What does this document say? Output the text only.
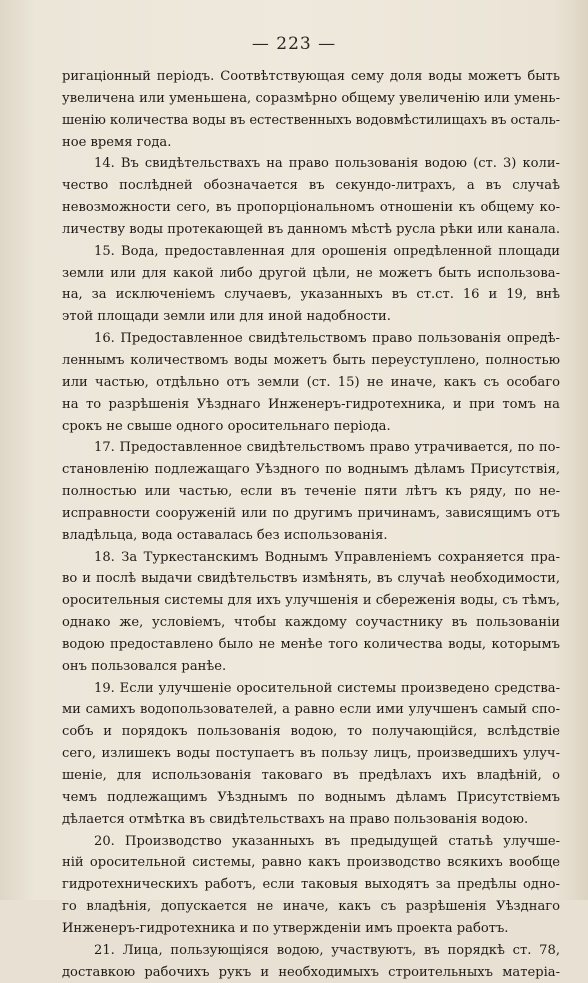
— 223 —
ригаціонный періодъ. Соотвѣтствующая сему доля воды можетъ быть
увеличена или уменьшена, соразмѣрно общему увеличенію или умень-
шенію количества воды въ естественныхъ водовмѣстилищахъ въ осталь-
ное время года.
14. Въ свидѣтельствахъ на право пользованія водою (ст. 3) коли-
чество послѣдней обозначается въ секундо-литрахъ, а въ случаѣ
невозможности сего, въ пропорціональномъ отношеніи къ общему ко-
личеству воды протекающей въ данномъ мѣстѣ русла рѣки или канала.
15. Вода, предоставленная для орошенія опредѣленной площади
земли или для какой либо другой цѣли, не можетъ быть использова-
на, за исключеніемъ случаевъ, указанныхъ въ ст.ст. 16 и 19, внѣ
этой площади земли или для иной надобности.
16. Предоставленное свидѣтельствомъ право пользованія опредѣ-
леннымъ количествомъ воды можетъ быть переуступлено, полностью
или частью, отдѣльно отъ земли (ст. 15) не иначе, какъ съ особаго
на то разрѣшенія Уѣзднаго Инженеръ-гидротехника, и при томъ на
срокъ не свыше одного оросительнаго періода.
17. Предоставленное свидѣтельствомъ право утрачивается, по по-
становленію подлежащаго Уѣздного по воднымъ дѣламъ Присутствія,
полностью или частью, если въ теченіе пяти лѣтъ къ ряду, по не-
исправности сооруженій или по другимъ причинамъ, зависящимъ отъ
владѣльца, вода оставалась без использованія.
18. За Туркестанскимъ Воднымъ Управленіемъ сохраняется пра-
во и послѣ выдачи свидѣтельствъ измѣнять, въ случаѣ необходимости,
оросительныя системы для ихъ улучшенія и сбереженія воды, съ тѣмъ,
однако же, условіемъ, чтобы каждому соучастнику въ пользованіи
водою предоставлено было не менѣе того количества воды, которымъ
онъ пользовался ранѣе.
19. Если улучшеніе оросительной системы произведено средства-
ми самихъ водопользователей, а равно если ими улучшенъ самый спо-
собъ и порядокъ пользованія водою, то получающійся, вслѣдствіе
сего, излишекъ воды поступаетъ въ пользу лицъ, произведшихъ улуч-
шеніе, для использованія таковаго въ предѣлахъ ихъ владѣній, о
чемъ подлежащимъ Уѣзднымъ по воднымъ дѣламъ Присутствіемъ
дѣлается отмѣтка въ свидѣтельствахъ на право пользованія водою.
20. Производство указанныхъ въ предыдущей статьѣ улучше-
ній оросительной системы, равно какъ производство всякихъ вообще
гидротехническихъ работъ, если таковыя выходятъ за предѣлы одно-
го владѣнія, допускается не иначе, какъ съ разрѣшенія Уѣзднаго
Инженеръ-гидротехника и по утвержденіи имъ проекта работъ.
21. Лица, пользующіяся водою, участвуютъ, въ порядкѣ ст. 78,
доставкою рабочихъ рукъ и необходимыхъ строительныхъ матеріа-
